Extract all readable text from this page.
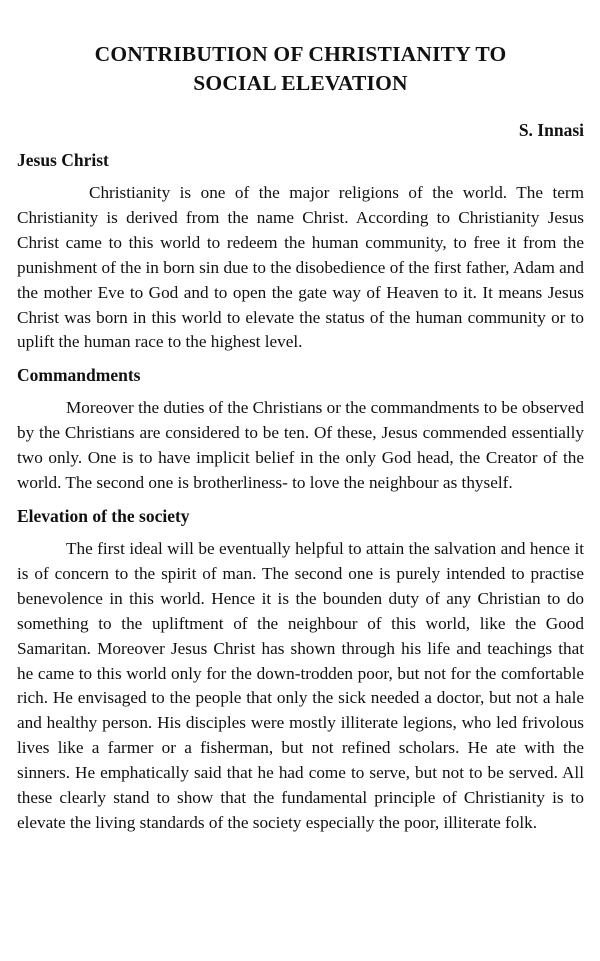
CONTRIBUTION OF CHRISTIANITY TO
SOCIAL ELEVATION
S. Innasi
Jesus Christ

Christianity is one of the major religions of the world. The term Christianity is derived from the name Christ. According to Christianity Jesus Christ came to this world to redeem the human community, to free it from the punishment of the in born sin due to the disobedience of the first father, Adam and the mother Eve to God and to open the gate way of Heaven to it. It means Jesus Christ was born in this world to elevate the status of the human community or to uplift the human race to the highest level.

Commandments

Moreover the duties of the Christians or the commandments to be observed by the Christians are considered to be ten. Of these, Jesus commended essentially two only. One is to have implicit belief in the only God head, the Creator of the world. The second one is brotherliness- to love the neighbour as thyself.

Elevation of the society

The first ideal will be eventually helpful to attain the salvation and hence it is of concern to the spirit of man. The second one is purely intended to practise benevolence in this world. Hence it is the bounden duty of any Christian to do something to the upliftment of the neighbour of this world, like the Good Samaritan. Moreover Jesus Christ has shown through his life and teachings that he came to this world only for the down-trodden poor, but not for the comfortable rich. He envisaged to the people that only the sick needed a doctor, but not a hale and healthy person. His disciples were mostly illiterate legions, who led frivolous lives like a farmer or a fisherman, but not refined scholars. He ate with the sinners. He emphatically said that he had come to serve, but not to be served. All these clearly stand to show that the fundamental principle of Christianity is to elevate the living standards of the society especially the poor, illiterate folk.
